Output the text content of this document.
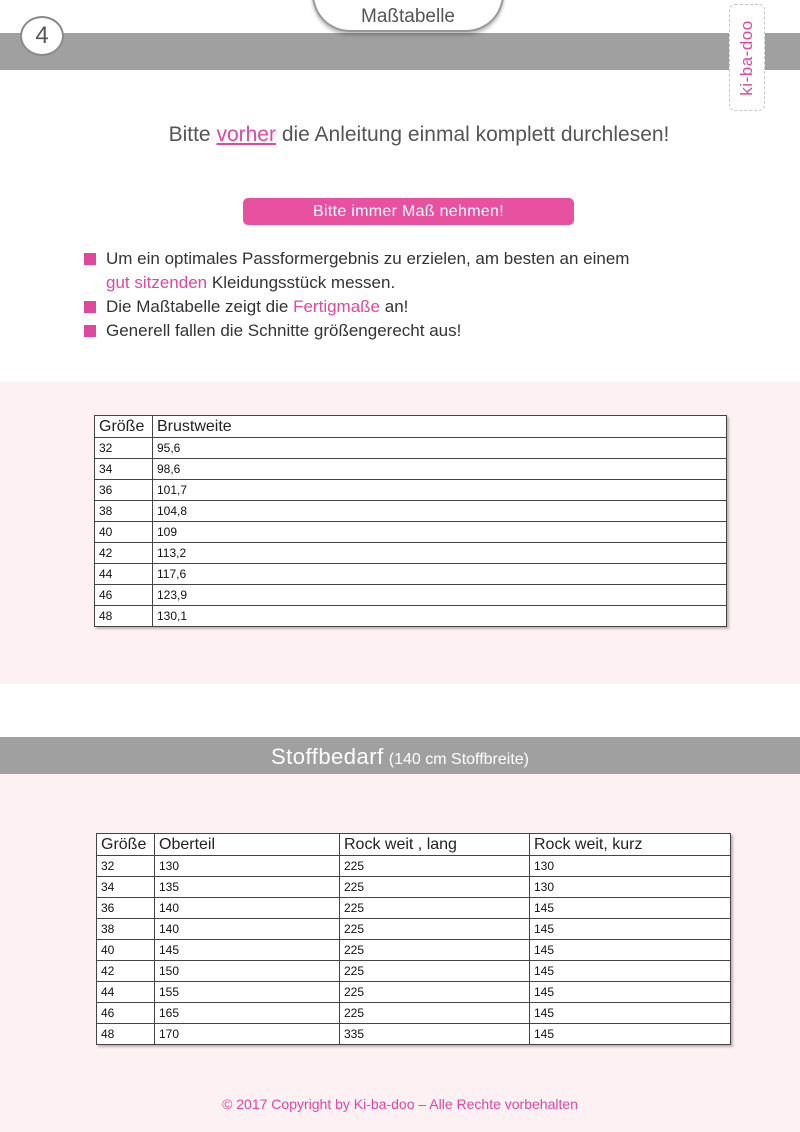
4
Maßtabelle
ki-ba-doo
Bitte vorher die Anleitung einmal komplett durchlesen!
Bitte immer Maß nehmen!
Um ein optimales Passformergebnis zu erzielen, am besten an einem
gut sitzenden Kleidungsstück messen.
Die Maßtabelle zeigt die Fertigmaße an!
Generell fallen die Schnitte größengerecht aus!
Größe	Brustweite
32	95,6
34	98,6
36	101,7
38	104,8
40	109
42	113,2
44	117,6
46	123,9
48	130,1
Stoffbedarf (140 cm Stoffbreite)
Größe	Oberteil	Rock weit , lang	Rock weit, kurz
32	130	225	130
34	135	225	130
36	140	225	145
38	140	225	145
40	145	225	145
42	150	225	145
44	155	225	145
46	165	225	145
48	170	335	145
© 2017 Copyright by Ki-ba-doo – Alle Rechte vorbehalten
